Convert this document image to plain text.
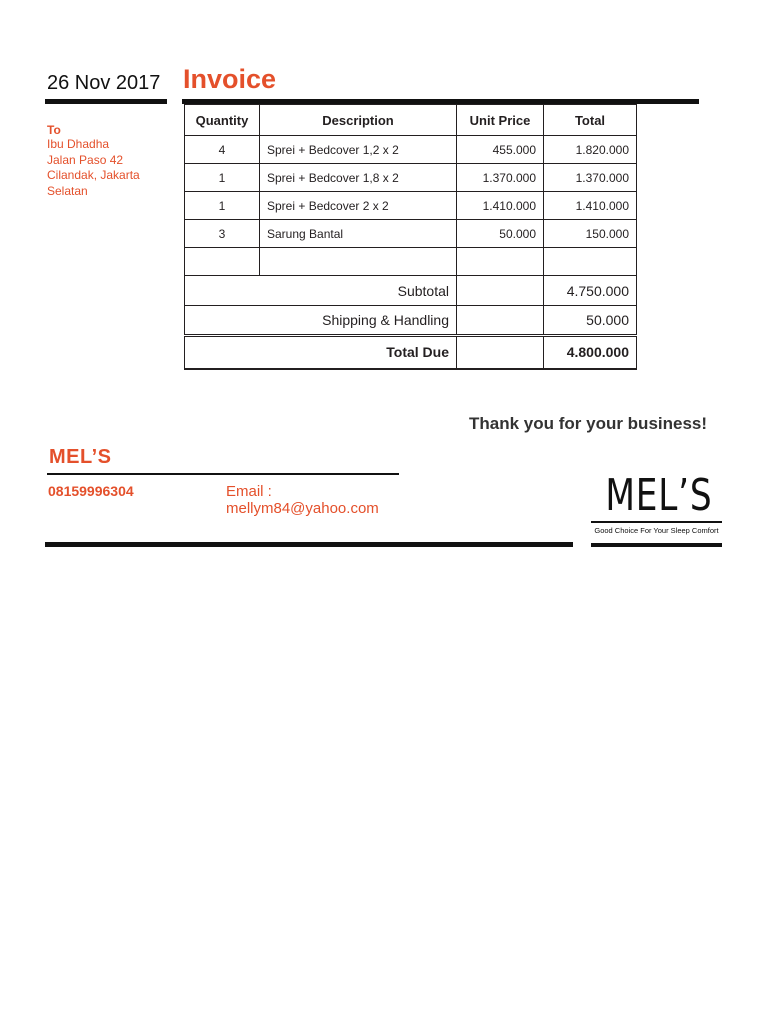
26 Nov 2017 Invoice
To
Ibu Dhadha
Jalan Paso 42
Cilandak, Jakarta
Selatan
Quantity	Description	Unit Price	Total
4	Sprei + Bedcover 1,2 x 2	455.000	1.820.000
1	Sprei + Bedcover 1,8 x 2	1.370.000	1.370.000
1	Sprei + Bedcover 2 x 2	1.410.000	1.410.000
3	Sarung Bantal	50.000	150.000

Subtotal			4.750.000
Shipping & Handling			50.000
Total Due			4.800.000
Thank you for your business!
MEL’S
08159996304	Email :
mellym84@yahoo.com	MEL’S
Good Choice For Your Sleep Comfort
